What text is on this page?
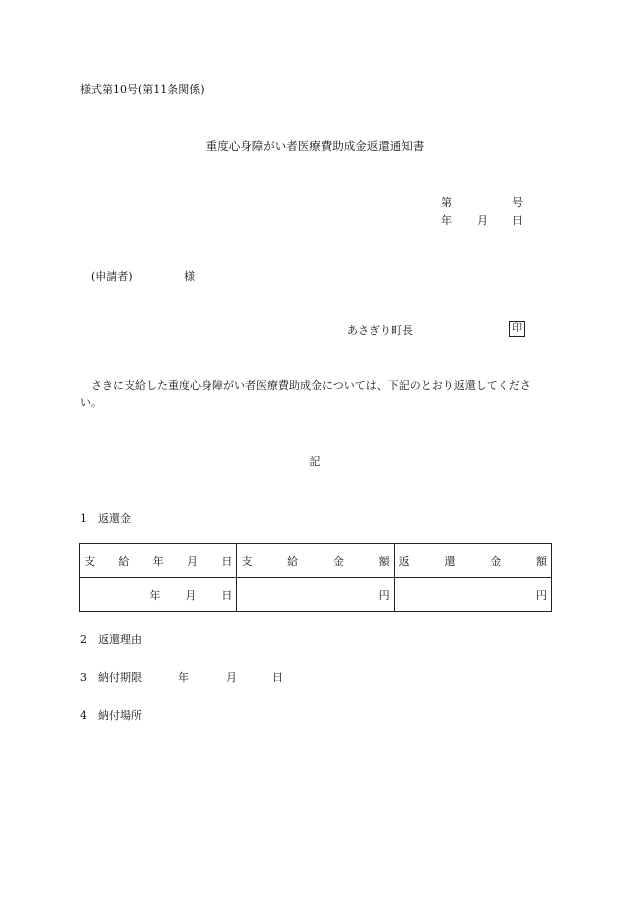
様式第10号(第11条関係)
重度心身障がい者医療費助成金返還通知書
第	号
年 月 日
(申請者)	様
あさぎり町長	印
さきに支給した重度心身障がい者医療費助成金については、下記のとおり返還してください。
記
1 返還金
支 給 年 月 日	支 給 金 額	返 還 金 額

年 月 日	円	円
2 返還理由
3 納付期限	年	月	日
4 納付場所
